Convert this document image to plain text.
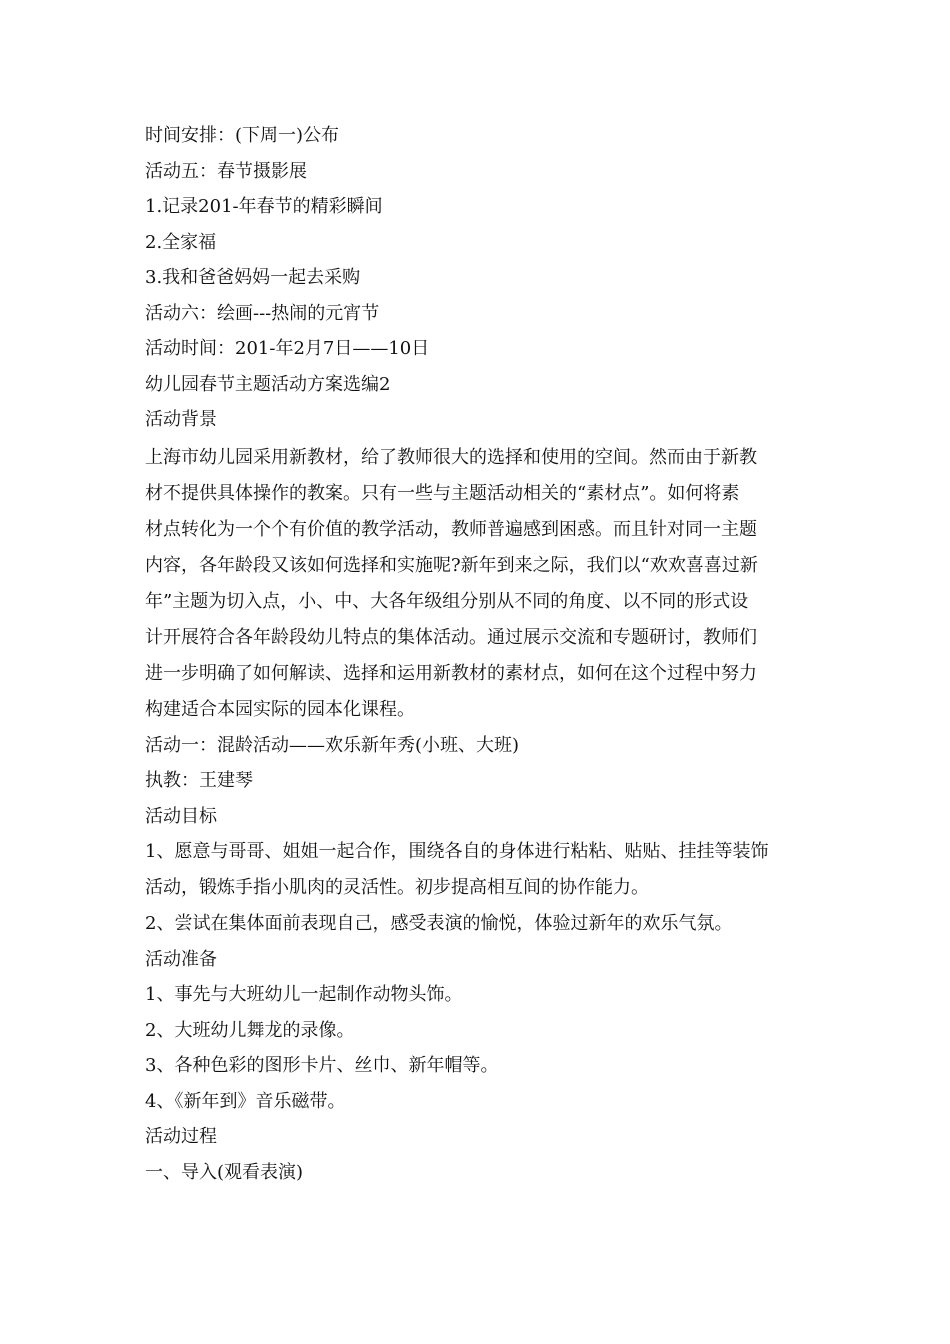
时间安排：(下周一)公布

活动五：春节摄影展

1.记录201-年春节的精彩瞬间

2.全家福

3.我和爸爸妈妈一起去采购

活动六：绘画---热闹的元宵节

活动时间：201-年2月7日——10日

幼儿园春节主题活动方案选编2

活动背景

上海市幼儿园采用新教材，给了教师很大的选择和使用的空间。然而由于新教

材不提供具体操作的教案。只有一些与主题活动相关的“素材点”。如何将素

材点转化为一个个有价值的教学活动，教师普遍感到困惑。而且针对同一主题

内容，各年龄段又该如何选择和实施呢?新年到来之际，我们以“欢欢喜喜过新

年”主题为切入点，小、中、大各年级组分别从不同的角度、以不同的形式设

计开展符合各年龄段幼儿特点的集体活动。通过展示交流和专题研讨，教师们

进一步明确了如何解读、选择和运用新教材的素材点，如何在这个过程中努力

构建适合本园实际的园本化课程。

活动一：混龄活动——欢乐新年秀(小班、大班)

执教：王建琴

活动目标

1、愿意与哥哥、姐姐一起合作，围绕各自的身体进行粘粘、贴贴、挂挂等装饰

活动，锻炼手指小肌肉的灵活性。初步提高相互间的协作能力。

2、尝试在集体面前表现自己，感受表演的愉悦，体验过新年的欢乐气氛。

活动准备

1、事先与大班幼儿一起制作动物头饰。

2、大班幼儿舞龙的录像。

3、各种色彩的图形卡片、丝巾、新年帽等。

4、《新年到》音乐磁带。

活动过程

一、导入(观看表演)
